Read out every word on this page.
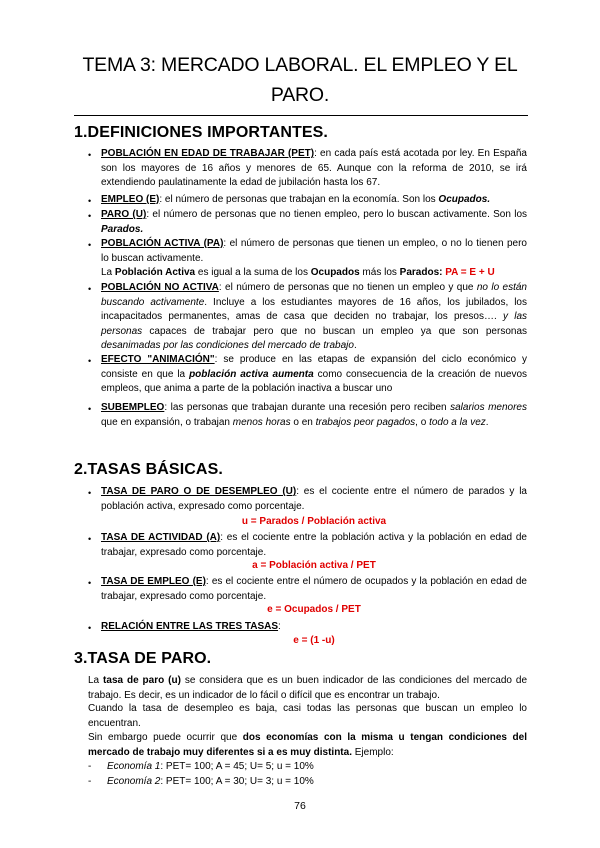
TEMA 3: MERCADO LABORAL. EL EMPLEO Y EL PARO.
1.DEFINICIONES IMPORTANTES.
• POBLACIÓN EN EDAD DE TRABAJAR (PET): en cada país está acotada por ley. En España son los mayores de 16 años y menores de 65. Aunque con la reforma de 2010, se irá extendiendo paulatinamente la edad de jubilación hasta los 67.
• EMPLEO (E): el número de personas que trabajan en la economía. Son los Ocupados.
• PARO (U): el número de personas que no tienen empleo, pero lo buscan activamente. Son los Parados.
• POBLACIÓN ACTIVA (PA): el número de personas que tienen un empleo, o no lo tienen pero lo buscan activamente.
La Población Activa es igual a la suma de los Ocupados más los Parados: PA = E + U
• POBLACIÓN NO ACTIVA: el número de personas que no tienen un empleo y que no lo están buscando activamente. Incluye a los estudiantes mayores de 16 años, los jubilados, los incapacitados permanentes, amas de casa que deciden no trabajar, los presos…. y las personas capaces de trabajar pero que no buscan un empleo ya que son personas desanimadas por las condiciones del mercado de trabajo.
• EFECTO "ANIMACIÓN": se produce en las etapas de expansión del ciclo económico y consiste en que la población activa aumenta como consecuencia de la creación de nuevos empleos, que anima a parte de la población inactiva a buscar uno
• SUBEMPLEO: las personas que trabajan durante una recesión pero reciben salarios menores que en expansión, o trabajan menos horas o en trabajos peor pagados, o todo a la vez.
2.TASAS BÁSICAS.
• TASA DE PARO O DE DESEMPLEO (U): es el cociente entre el número de parados y la población activa, expresado como porcentaje.
u = Parados / Población activa
• TASA DE ACTIVIDAD (A): es el cociente entre la población activa y la población en edad de trabajar, expresado como porcentaje.
a = Población activa / PET
• TASA DE EMPLEO (E): es el cociente entre el número de ocupados y la población en edad de trabajar, expresado como porcentaje.
e = Ocupados / PET
• RELACIÓN ENTRE LAS TRES TASAS:
e = (1 -u)
3.TASA DE PARO.
La tasa de paro (u) se considera que es un buen indicador de las condiciones del mercado de trabajo. Es decir, es un indicador de lo fácil o difícil que es encontrar un trabajo.
Cuando la tasa de desempleo es baja, casi todas las personas que buscan un empleo lo encuentran.
Sin embargo puede ocurrir que dos economías con la misma u tengan condiciones del mercado de trabajo muy diferentes si a es muy distinta. Ejemplo:
- Economía 1: PET= 100; A = 45; U= 5; u = 10%
- Economía 2: PET= 100; A = 30; U= 3; u = 10%
76
